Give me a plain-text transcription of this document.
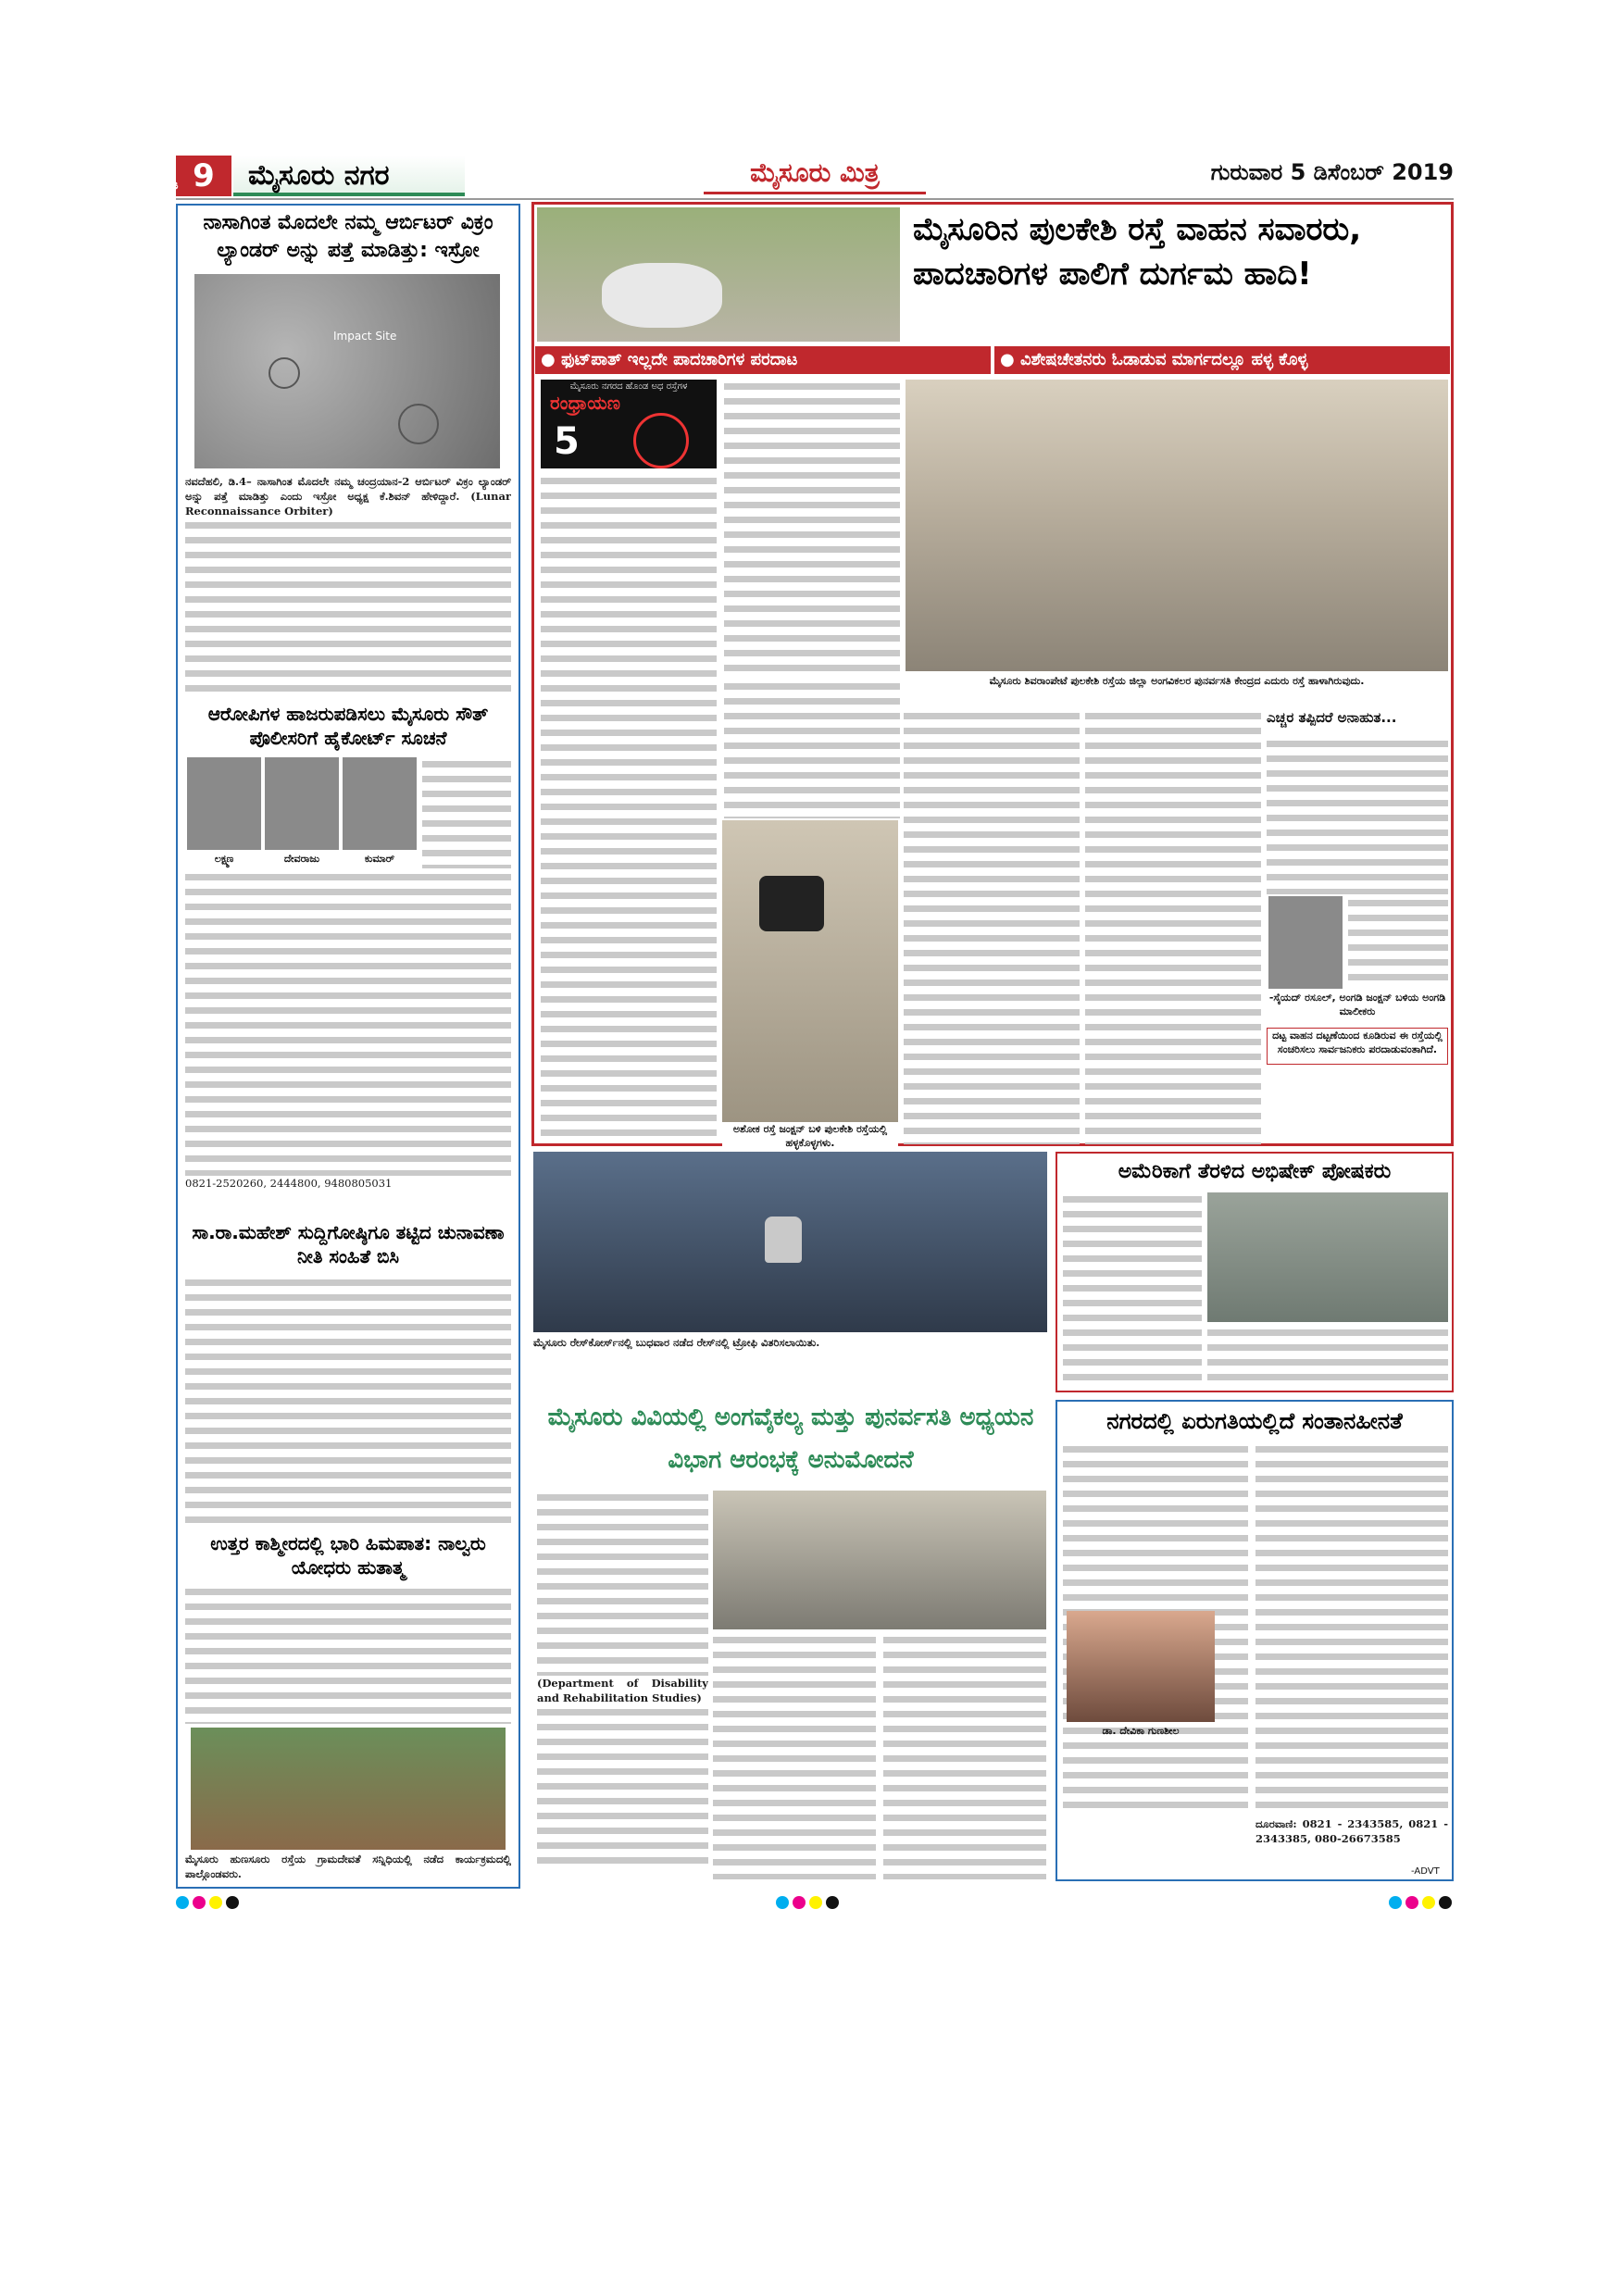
ಪುಟ 9	ಮೈಸೂರು ನಗರ	ಮೈಸೂರು ಮಿತ್ರ	ಗುರುವಾರ 5 ಡಿಸೆಂಬರ್ 2019
ನಾಸಾಗಿಂತ ಮೊದಲೇ ನಮ್ಮ ಆರ್ಬಿಟರ್ ವಿಕ್ರಂ ಲ್ಯಾಂಡರ್ ಅನ್ನು ಪತ್ತೆ ಮಾಡಿತ್ತು: ಇಸ್ರೋ
Impact Site
ನವದೆಹಲಿ, ಡಿ.4– ನಾಸಾಗಿಂತ ಮೊದಲೇ ನಮ್ಮ ಚಂದ್ರಯಾನ-2 ಆರ್ಬಿಟರ್ ವಿಕ್ರಂ ಲ್ಯಾಂಡರ್ ಅನ್ನು ಪತ್ತೆ ಮಾಡಿತ್ತು ಎಂದು ಇಸ್ರೋ ಅಧ್ಯಕ್ಷ ಕೆ.ಶಿವನ್ ಹೇಳಿದ್ದಾರೆ. (Lunar Reconnaissance Orbiter)
ಆರೋಪಿಗಳ ಹಾಜರುಪಡಿಸಲು ಮೈಸೂರು ಸೌತ್ ಪೊಲೀಸರಿಗೆ ಹೈಕೋರ್ಟ್ ಸೂಚನೆ
ಲಕ್ಷ್ಮಣ	ದೇವರಾಜು	ಕುಮಾರ್
0821-2520260, 2444800, 9480805031
ಸಾ.ರಾ.ಮಹೇಶ್ ಸುದ್ದಿಗೋಷ್ಠಿಗೂ ತಟ್ಟಿದ ಚುನಾವಣಾ ನೀತಿ ಸಂಹಿತೆ ಬಿಸಿ
ಉತ್ತರ ಕಾಶ್ಮೀರದಲ್ಲಿ ಭಾರಿ ಹಿಮಪಾತ: ನಾಲ್ವರು ಯೋಧರು ಹುತಾತ್ಮ
ಮೈಸೂರು ಹುಣಸೂರು ರಸ್ತೆಯ ಗ್ರಾಮದೇವತೆ ಸನ್ನಿಧಿಯಲ್ಲಿ ನಡೆದ ಕಾರ್ಯಕ್ರಮದಲ್ಲಿ ಪಾಲ್ಗೊಂಡವರು.
ಮೈಸೂರಿನ ಪುಲಕೇಶಿ ರಸ್ತೆ ವಾಹನ ಸವಾರರು, ಪಾದಚಾರಿಗಳ ಪಾಲಿಗೆ ದುರ್ಗಮ ಹಾದಿ!
● ಫುಟ್‌ಪಾತ್ ಇಲ್ಲದೇ ಪಾದಚಾರಿಗಳ ಪರದಾಟ	● ವಿಶೇಷಚೇತನರು ಓಡಾಡುವ ಮಾರ್ಗದಲ್ಲೂ ಹಳ್ಳ ಕೊಳ್ಳ
ಮೈಸೂರು ನಗರದ ಹೊಂಡ ಅಧ ರಸ್ತೆಗಳ
ರಂಧ್ರಾಯಣ
5
ಮೈಸೂರು ಶಿವರಾಂಪೇಟೆ ಪುಲಕೇಶಿ ರಸ್ತೆಯ ಜಿಲ್ಲಾ ಅಂಗವಿಕಲರ ಪುನರ್ವಸತಿ ಕೇಂದ್ರದ ಎದುರು ರಸ್ತೆ ಹಾಳಾಗಿರುವುದು.
ಎಚ್ಚರ ತಪ್ಪಿದರೆ ಅನಾಹುತ...
-ಸೈಯದ್ ರಸೂಲ್, ಅಂಗಡಿ ಜಂಕ್ಷನ್ ಬಳಿಯ ಅಂಗಡಿ ಮಾಲೀಕರು
ದಟ್ಟ ವಾಹನ ದಟ್ಟಣೆಯಿಂದ ಕೂಡಿರುವ ಈ ರಸ್ತೆಯಲ್ಲಿ ಸಂಚರಿಸಲು ಸಾರ್ವಜನಿಕರು ಪರದಾಡುವಂತಾಗಿದೆ.
ಅಶೋಕ ರಸ್ತೆ ಜಂಕ್ಷನ್ ಬಳಿ ಪುಲಕೇಶಿ ರಸ್ತೆಯಲ್ಲಿ ಹಳ್ಳಕೊಳ್ಳಗಳು.
ಮೈಸೂರು ರೇಸ್‌ಕೋರ್ಸ್‌ನಲ್ಲಿ ಬುಧವಾರ ನಡೆದ ರೇಸ್‌ನಲ್ಲಿ ಟ್ರೋಫಿ ವಿತರಿಸಲಾಯಿತು.
ಅಮೆರಿಕಾಗೆ ತೆರಳಿದ ಅಭಿಷೇಕ್ ಪೋಷಕರು
ನಗರದಲ್ಲಿ ಏರುಗತಿಯಲ್ಲಿದೆ ಸಂತಾನಹೀನತೆ
ಡಾ. ದೇವಿಕಾ ಗುಣಶೀಲ
ದೂರವಾಣಿ: 0821 - 2343585, 0821 - 2343385, 080-26673585
-ADVT
ಮೈಸೂರು ವಿವಿಯಲ್ಲಿ ಅಂಗವೈಕಲ್ಯ ಮತ್ತು ಪುನರ್ವಸತಿ ಅಧ್ಯಯನ ವಿಭಾಗ ಆರಂಭಕ್ಕೆ ಅನುಮೋದನೆ
(Department of Disability and Rehabilitation Studies)
